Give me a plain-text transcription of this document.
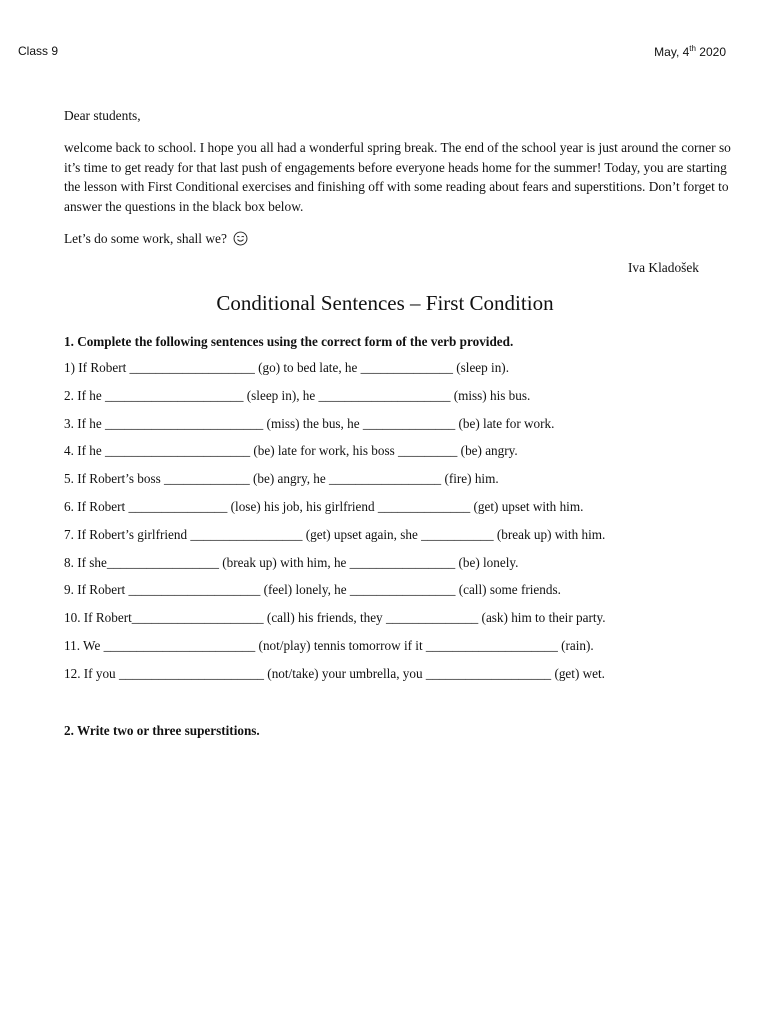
Class 9	May, 4th 2020

Dear students,

welcome back to school. I hope you all had a wonderful spring break. The end of the school year is just around the corner so it’s time to get ready for that last push of engagements before everyone heads home for the summer! Today, you are starting the lesson with First Conditional exercises and finishing off with some reading about fears and superstitions. Don’t forget to answer the questions in the black box below.

Let’s do some work, shall we?

Iva Kladošek
Conditional Sentences – First Condition
1. Complete the following sentences using the correct form of the verb provided.
1) If Robert ___________________ (go) to bed late, he ______________ (sleep in).
2. If he _____________________ (sleep in), he ____________________ (miss) his bus.
3. If he ________________________ (miss) the bus, he ______________ (be) late for work.
4. If he ______________________ (be) late for work, his boss _________ (be) angry.
5. If Robert’s boss _____________ (be) angry, he _________________ (fire) him.
6. If Robert _______________ (lose) his job, his girlfriend ______________ (get) upset with him.
7. If Robert’s girlfriend _________________ (get) upset again, she ___________ (break up) with him.
8. If she_________________ (break up) with him, he ________________ (be) lonely.
9. If Robert ____________________ (feel) lonely, he ________________ (call) some friends.
10. If Robert____________________ (call) his friends, they ______________ (ask) him to their party.
11. We _______________________ (not/play) tennis tomorrow if it ____________________ (rain).
12. If you ______________________ (not/take) your umbrella, you ___________________ (get) wet.
2. Write two or three superstitions.
